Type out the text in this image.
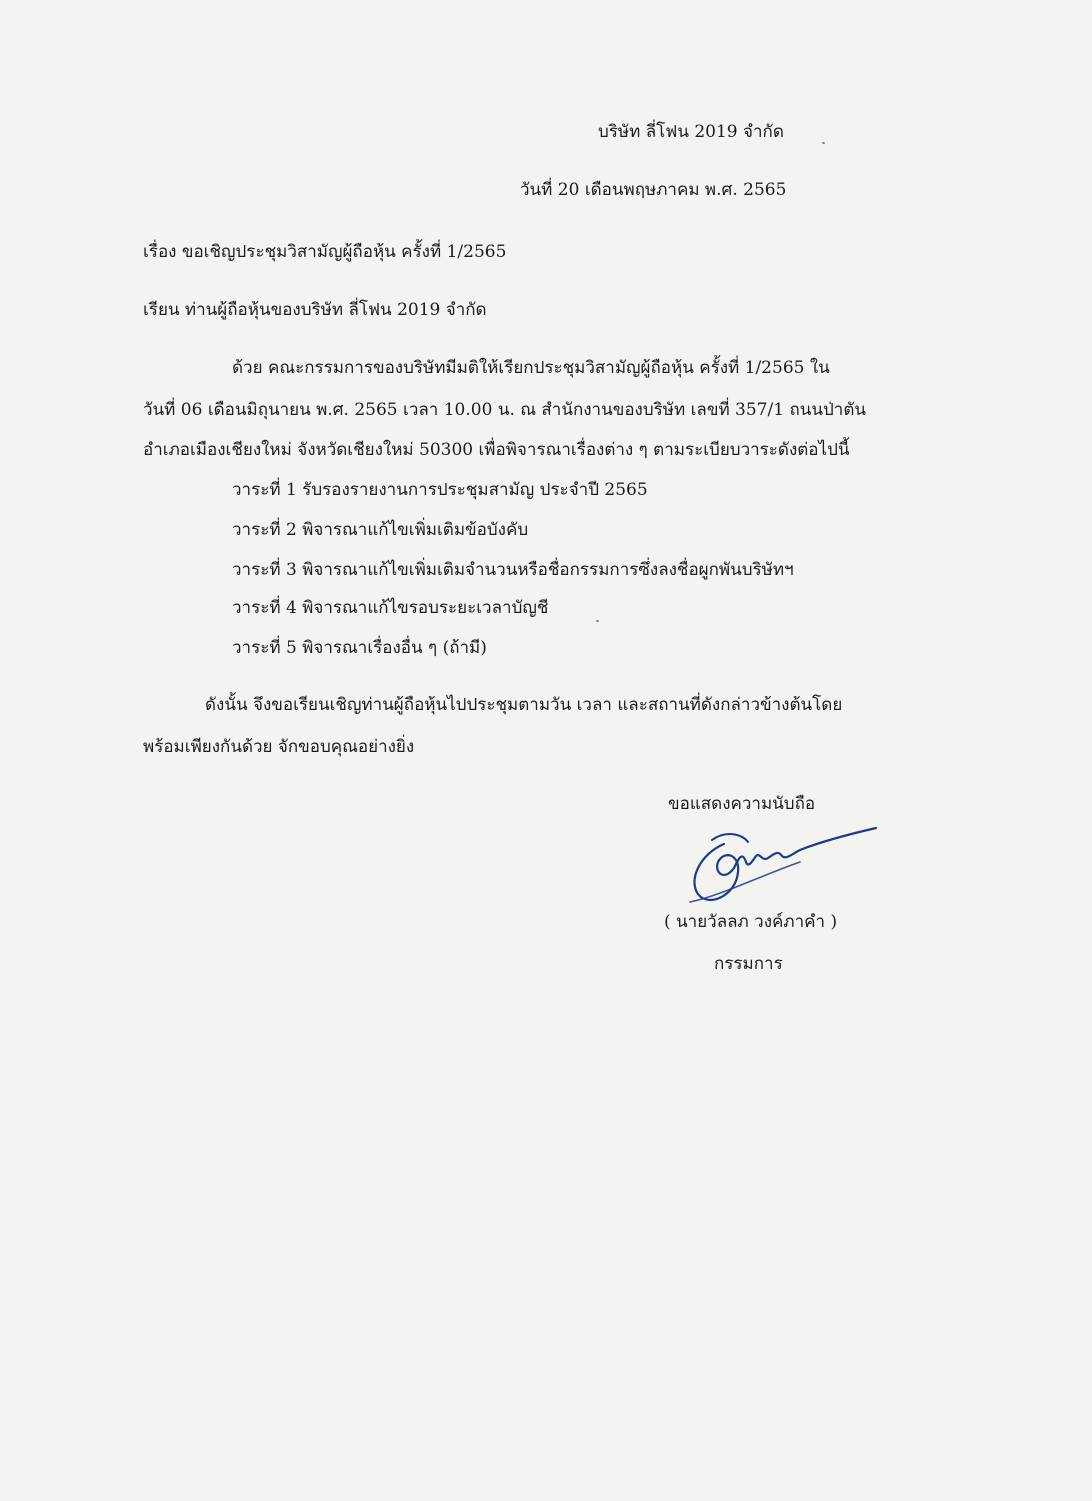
บริษัท ลี่โฟน 2019 จำกัด
วันที่ 20 เดือนพฤษภาคม พ.ศ. 2565
เรื่อง ขอเชิญประชุมวิสามัญผู้ถือหุ้น ครั้งที่ 1/2565
เรียน ท่านผู้ถือหุ้นของบริษัท ลี่โฟน 2019 จำกัด
ด้วย คณะกรรมการของบริษัทมีมติให้เรียกประชุมวิสามัญผู้ถือหุ้น ครั้งที่ 1/2565 ใน
วันที่ 06 เดือนมิถุนายน พ.ศ. 2565 เวลา 10.00 น. ณ สำนักงานของบริษัท เลขที่ 357/1 ถนนป่าตัน
อำเภอเมืองเชียงใหม่ จังหวัดเชียงใหม่ 50300 เพื่อพิจารณาเรื่องต่าง ๆ ตามระเบียบวาระดังต่อไปนี้
วาระที่ 1 รับรองรายงานการประชุมสามัญ ประจำปี 2565
วาระที่ 2 พิจารณาแก้ไขเพิ่มเติมข้อบังคับ
วาระที่ 3 พิจารณาแก้ไขเพิ่มเติมจำนวนหรือชื่อกรรมการซึ่งลงชื่อผูกพันบริษัทฯ
วาระที่ 4 พิจารณาแก้ไขรอบระยะเวลาบัญชี
วาระที่ 5 พิจารณาเรื่องอื่น ๆ (ถ้ามี)
ดังนั้น จึงขอเรียนเชิญท่านผู้ถือหุ้นไปประชุมตามวัน เวลา และสถานที่ดังกล่าวข้างต้นโดย
พร้อมเพียงกันด้วย จักขอบคุณอย่างยิ่ง
ขอแสดงความนับถือ
( นายวัลลภ วงค์ภาคำ )
กรรมการ
